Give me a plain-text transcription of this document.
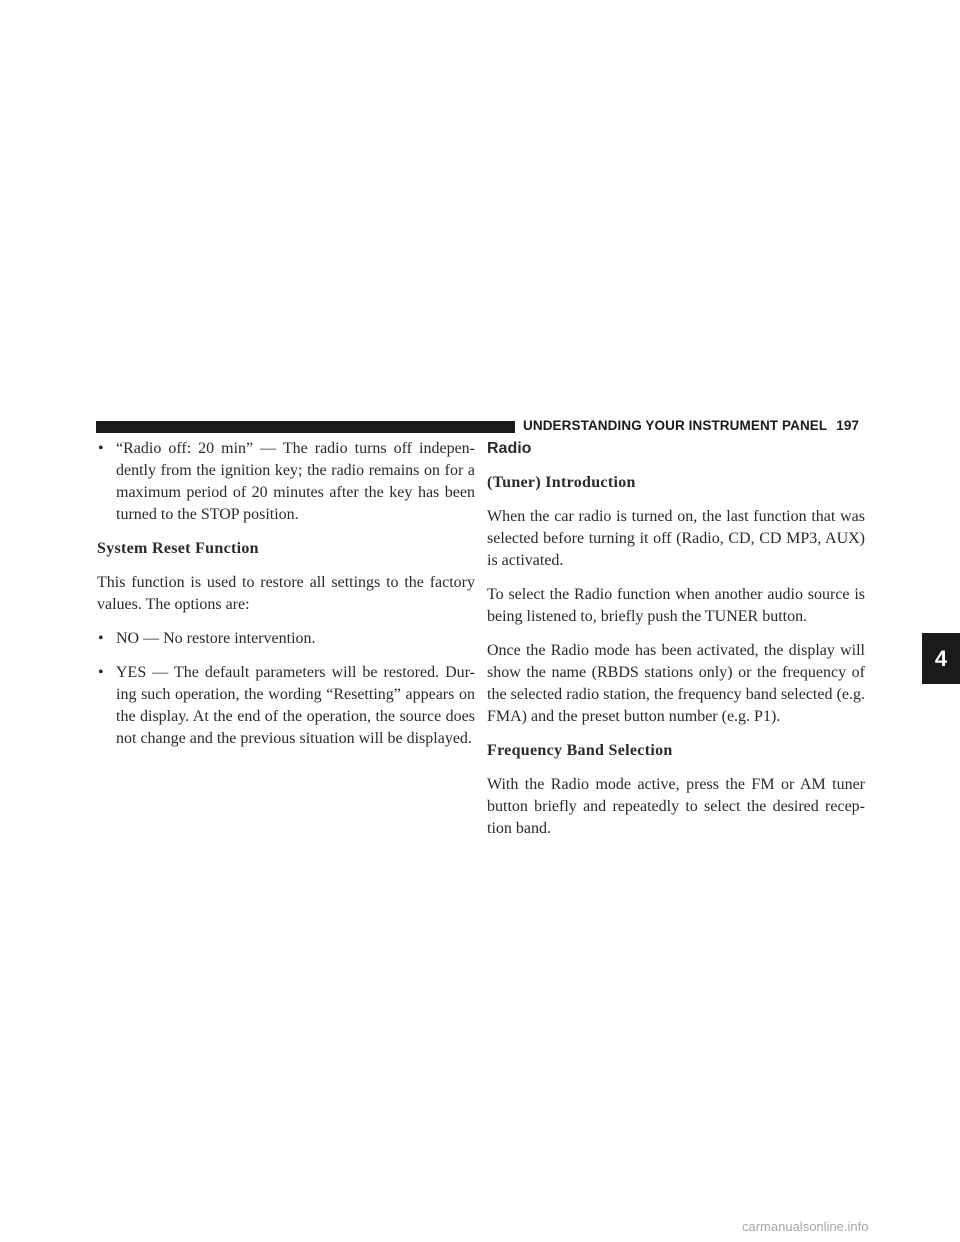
UNDERSTANDING YOUR INSTRUMENT PANEL 197
4
• “Radio off: 20 min” — The radio turns off indepen-dently from the ignition key; the radio remains on for a maximum period of 20 minutes after the key has been turned to the STOP position.
System Reset Function

This function is used to restore all settings to the factory values. The options are:

• NO — No restore intervention.
• YES — The default parameters will be restored. Dur-ing such operation, the wording “Resetting” appears on the display. At the end of the operation, the source does not change and the previous situation will be displayed.
Radio
(Tuner) Introduction

When the car radio is turned on, the last function that was selected before turning it off (Radio, CD, CD MP3, AUX) is activated.

To select the Radio function when another audio source is being listened to, briefly push the TUNER button.

Once the Radio mode has been activated, the display will show the name (RBDS stations only) or the frequency of the selected radio station, the frequency band selected (e.g. FMA) and the preset button number (e.g. P1).

Frequency Band Selection

With the Radio mode active, press the FM or AM tuner button briefly and repeatedly to select the desired recep-tion band.

carmanualsonline.info
